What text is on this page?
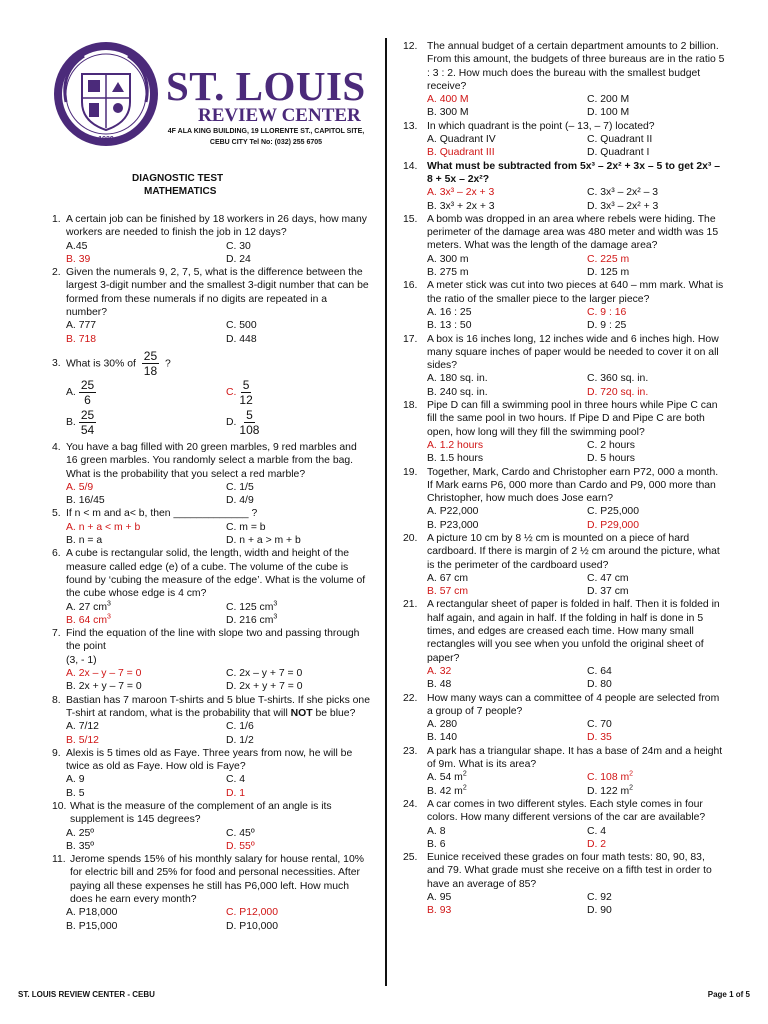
SLRC
1989
ST. LOUIS
REVIEW CENTER
4F ALA KING BUILDING, 19 LLORENTE ST., CAPITOL SITE, CEBU CITY Tel No: (032) 255 6705
DIAGNOSTIC TEST
MATHEMATICS
1. A certain job can be finished by 18 workers in 26 days, how many workers are needed to finish the job in 12 days?
A.45	C. 30
B. 39	D. 24
2. Given the numerals 9, 2, 7, 5, what is the difference between the largest 3-digit number and the smallest 3-digit number that can be formed from these numerals if no digits are repeated in a number?
A. 777	C. 500
B. 718	D. 448
3. What is 30% of $\frac{25}{18}$ ?
A. $\frac{25}{6}$	C. $\frac{5}{12}$
B. $\frac{25}{54}$	D. $\frac{5}{108}$
4. You have a bag filled with 20 green marbles, 9 red marbles and 16 green marbles. You randomly select a marble from the bag. What is the probability that you select a red marble?
A. 5/9	C. 1/5
B. 16/45	D. 4/9
5. If n < m and a< b, then _____________ ?
A. n + a < m + b	C. m = b
B. n = a	D. n + a > m + b
6. A cube is rectangular solid, the length, width and height of the measure called edge (e) of a cube. The volume of the cube is found by ‘cubing the measure of the edge’. What is the volume of the cube whose edge is 4 cm?
A. 27 $cm^3$	C. 125 $cm^3$
B. 64 $cm^3$	D. 216 $cm^3$
7. Find the equation of the line with slope two and passing through the point
(3, - 1)
A. 2x – y – 7 = 0	C. 2x – y + 7 = 0
B. 2x + y – 7 = 0	D. 2x + y + 7 = 0
8. Bastian has 7 maroon T-shirts and 5 blue T-shirts. If she picks one T-shirt at random, what is the probability that will NOT be blue?
A. 7/12	C. 1/6
B. 5/12	D. 1/2
9. Alexis is 5 times old as Faye. Three years from now, he will be twice as old as Faye. How old is Faye?
A. 9	C. 4
B. 5	D. 1
10. What is the measure of the complement of an angle is its supplement is 145 degrees?
A. 25º	C. 45º
B. 35º	D. 55º
11. Jerome spends 15% of his monthly salary for house rental, 10% for electric bill and 25% for food and personal necessities. After paying all these expenses he still has P6,000 left. How much does he earn every month?
A. P18,000	C. P12,000
B. P15,000	D. P10,000
12. The annual budget of a certain department amounts to 2 billion. From this amount, the budgets of three bureaus are in the ratio 5 : 3 : 2. How much does the bureau with the smallest budget receive?
A. 400 M	C. 200 M
B. 300 M	D. 100 M
13. In which quadrant is the point (– 13, – 7) located?
A. Quadrant IV	C. Quadrant II
B. Quadrant III	D. Quadrant I
14. What must be subtracted from 5x³ – 2x² + 3x – 5 to get 2x³ – 8 + 5x – 2x²?
A. 3x³ – 2x + 3	C. 3x³ – 2x² – 3
B. 3x³ + 2x + 3	D. 3x³ – 2x² + 3
15. A bomb was dropped in an area where rebels were hiding. The perimeter of the damage area was 480 meter and width was 15 meters. What was the length of the damage area?
A. 300 m	C. 225 m
B. 275 m	D. 125 m
16. A meter stick was cut into two pieces at 640 – mm mark. What is the ratio of the smaller piece to the larger piece?
A. 16 : 25	C. 9 : 16
B. 13 : 50	D. 9 : 25
17. A box is 16 inches long, 12 inches wide and 6 inches high. How many square inches of paper would be needed to cover it on all sides?
A. 180 sq. in.	C. 360 sq. in.
B. 240 sq. in.	D. 720 sq. in.
18. Pipe D can fill a swimming pool in three hours while Pipe C can fill the same pool in two hours. If Pipe D and Pipe C are both open, how long will they fill the swimming pool?
A. 1.2 hours	C. 2 hours
B. 1.5 hours	D. 5 hours
19. Together, Mark, Cardo and Christopher earn P72, 000 a month. If Mark earns P6, 000 more than Cardo and P9, 000 more than Christopher, how much does Jose earn?
A. P22,000	C. P25,000
B. P23,000	D. P29,000
20. A picture 10 cm by 8 ½ cm is mounted on a piece of hard cardboard. If there is margin of 2 ½ cm around the picture, what is the perimeter of the cardboard used?
A. 67 cm	C. 47 cm
B. 57 cm	D. 37 cm
21. A rectangular sheet of paper is folded in half. Then it is folded in half again, and again in half. If the folding in half is done in 5 times, and edges are creased each time. How many small rectangles will you see when you unfold the original sheet of paper?
A. 32	C. 64
B. 48	D. 80
22. How many ways can a committee of 4 people are selected from a group of 7 people?
A. 280	C. 70
B. 140	D. 35
23. A park has a triangular shape. It has a base of 24m and a height of 9m. What is its area?
A. 54 $m^2$	C. 108 $m^2$
B. 42 $m^2$	D. 122 $m^2$
24. A car comes in two different styles. Each style comes in four colors. How many different versions of the car are available?
A. 8	C. 4
B. 6	D. 2
25. Eunice received these grades on four math tests: 80, 90, 83, and 79. What grade must she receive on a fifth test in order to have an average of 85?
A. 95	C. 92
B. 93	D. 90
ST. LOUIS REVIEW CENTER - CEBU	Page 1 of 5
